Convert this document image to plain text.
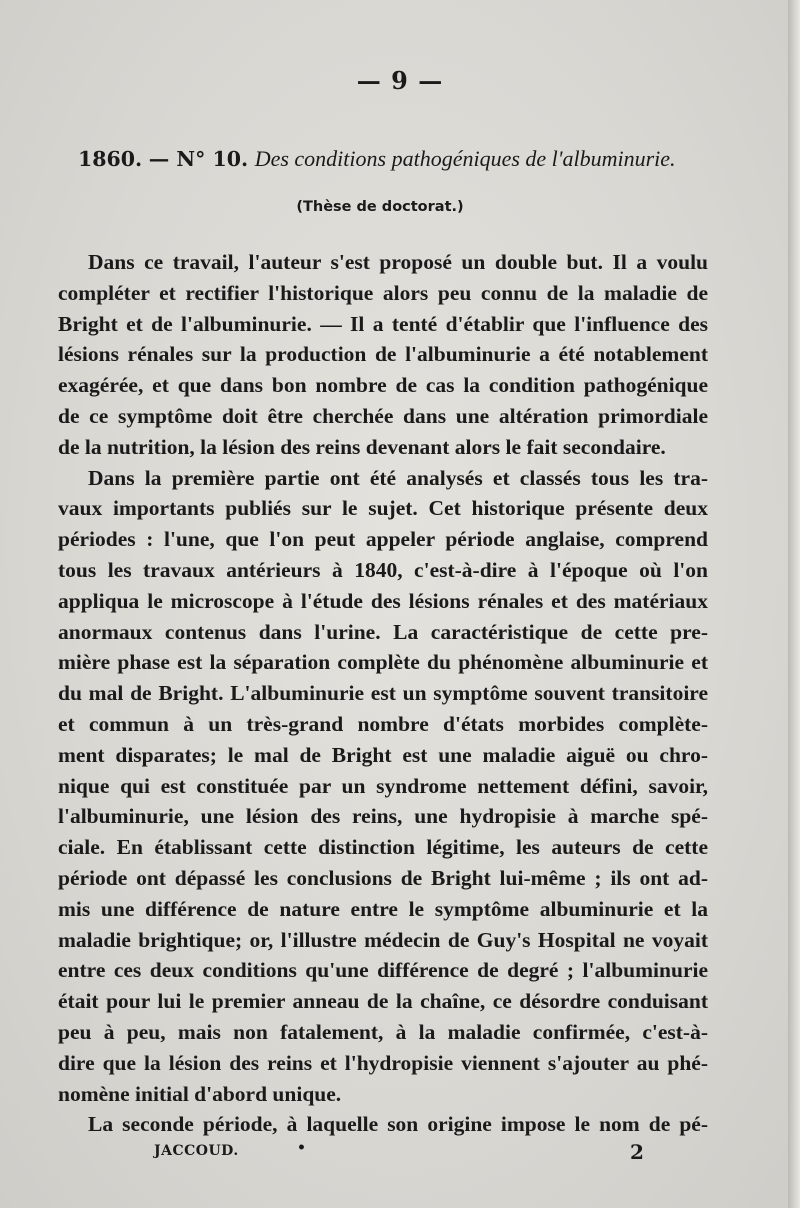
— 9 —
1860. — N° 10. Des conditions pathogéniques de l'albuminurie.
(Thèse de doctorat.)
Dans ce travail, l'auteur s'est proposé un double but. Il a voulu
compléter et rectifier l'historique alors peu connu de la maladie de
Bright et de l'albuminurie. — Il a tenté d'établir que l'influence des
lésions rénales sur la production de l'albuminurie a été notablement
exagérée, et que dans bon nombre de cas la condition pathogénique
de ce symptôme doit être cherchée dans une altération primordiale
de la nutrition, la lésion des reins devenant alors le fait secondaire.
Dans la première partie ont été analysés et classés tous les tra-
vaux importants publiés sur le sujet. Cet historique présente deux
périodes : l'une, que l'on peut appeler période anglaise, comprend
tous les travaux antérieurs à 1840, c'est-à-dire à l'époque où l'on
appliqua le microscope à l'étude des lésions rénales et des matériaux
anormaux contenus dans l'urine. La caractéristique de cette pre-
mière phase est la séparation complète du phénomène albuminurie et
du mal de Bright. L'albuminurie est un symptôme souvent transitoire
et commun à un très-grand nombre d'états morbides complète-
ment disparates; le mal de Bright est une maladie aiguë ou chro-
nique qui est constituée par un syndrome nettement défini, savoir,
l'albuminurie, une lésion des reins, une hydropisie à marche spé-
ciale. En établissant cette distinction légitime, les auteurs de cette
période ont dépassé les conclusions de Bright lui-même ; ils ont ad-
mis une différence de nature entre le symptôme albuminurie et la
maladie brightique; or, l'illustre médecin de Guy's Hospital ne voyait
entre ces deux conditions qu'une différence de degré ; l'albuminurie
était pour lui le premier anneau de la chaîne, ce désordre conduisant
peu à peu, mais non fatalement, à la maladie confirmée, c'est-à-
dire que la lésion des reins et l'hydropisie viennent s'ajouter au phé-
nomène initial d'abord unique.
La seconde période, à laquelle son origine impose le nom de pé-
JACCOUD.	•	2
